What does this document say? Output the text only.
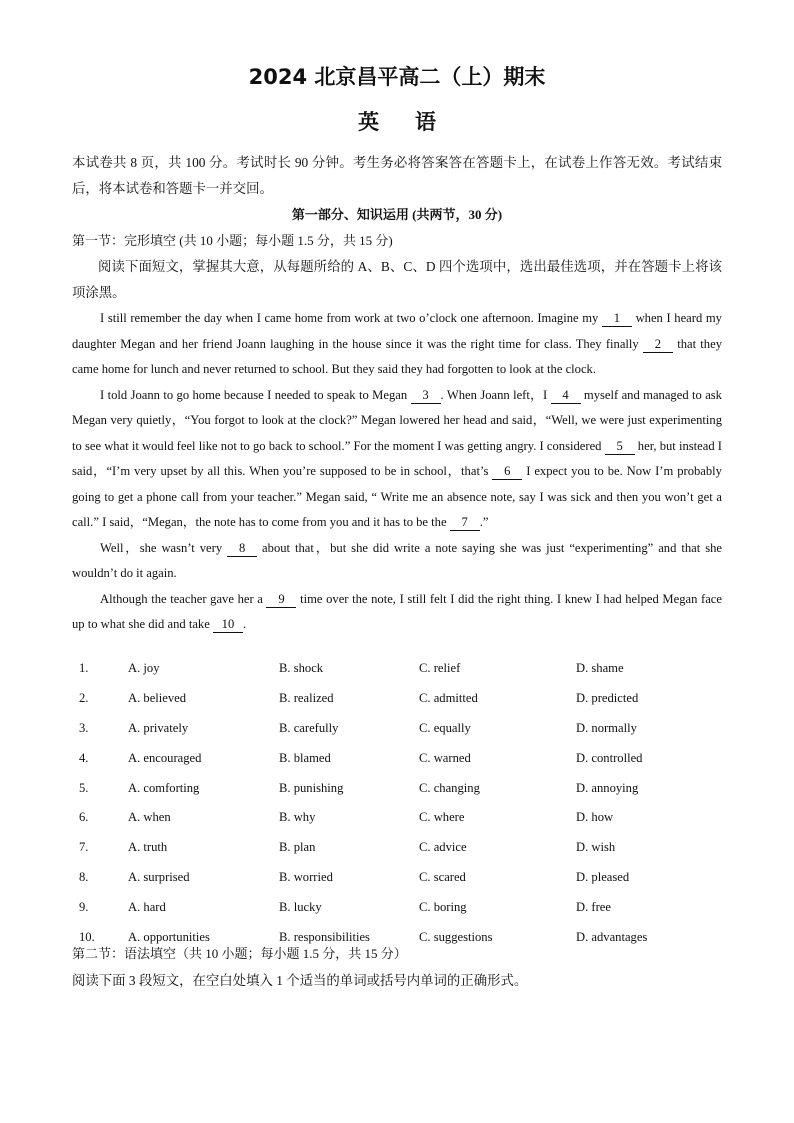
2024 北京昌平高二（上）期末
英语

本试卷共 8 页，共 100 分。考试时长 90 分钟。考生务必将答案答在答题卡上，在试卷上作答无效。考试结束后，将本试卷和答题卡一并交回。

第一部分、知识运用 (共两节，30 分)

第一节：完形填空 (共 10 小题；每小题 1.5 分，共 15 分)

阅读下面短文，掌握其大意，从每题所给的 A、B、C、D 四个选项中，选出最佳选项，并在答题卡上将该项涂黑。

I still remember the day when I came home from work at two o’clock one afternoon. Imagine my 1 when I heard my daughter Megan and her friend Joann laughing in the house since it was the right time for class. They finally 2 that they came home for lunch and never returned to school. But they said they had forgotten to look at the clock.

I told Joann to go home because I needed to speak to Megan 3 . When Joann left，I 4 myself and managed to ask Megan very quietly，“You forgot to look at the clock?” Megan lowered her head and said，“Well, we were just experimenting to see what it would feel like not to go back to school.” For the moment I was getting angry. I considered 5 her, but instead I said，“I’m very upset by all this. When you’re supposed to be in school，that’s 6 I expect you to be. Now I’m probably going to get a phone call from your teacher.” Megan said, “ Write me an absence note, say I was sick and then you won’t get a call.” I said，“Megan，the note has to come from you and it has to be the 7 .”

Well，she wasn’t very 8 about that，but she did write a note saying she was just “experimenting” and that she wouldn’t do it again.

Although the teacher gave her a 9 time over the note, I still felt I did the right thing. I knew I had helped Megan face up to what she did and take 10 .

1.	A. joy	B. shock	C. relief	D. shame
2.	A. believed	B. realized	C. admitted	D. predicted
3.	A. privately	B. carefully	C. equally	D. normally
4.	A. encouraged	B. blamed	C. warned	D. controlled
5.	A. comforting	B. punishing	C. changing	D. annoying
6.	A. when	B. why	C. where	D. how
7.	A. truth	B. plan	C. advice	D. wish
8.	A. surprised	B. worried	C. scared	D. pleased
9.	A. hard	B. lucky	C. boring	D. free
10.	A. opportunities	B. responsibilities	C. suggestions	D. advantages

第二节：语法填空（共 10 小题；每小题 1.5 分，共 15 分）

阅读下面 3 段短文，在空白处填入 1 个适当的单词或括号内单词的正确形式。
